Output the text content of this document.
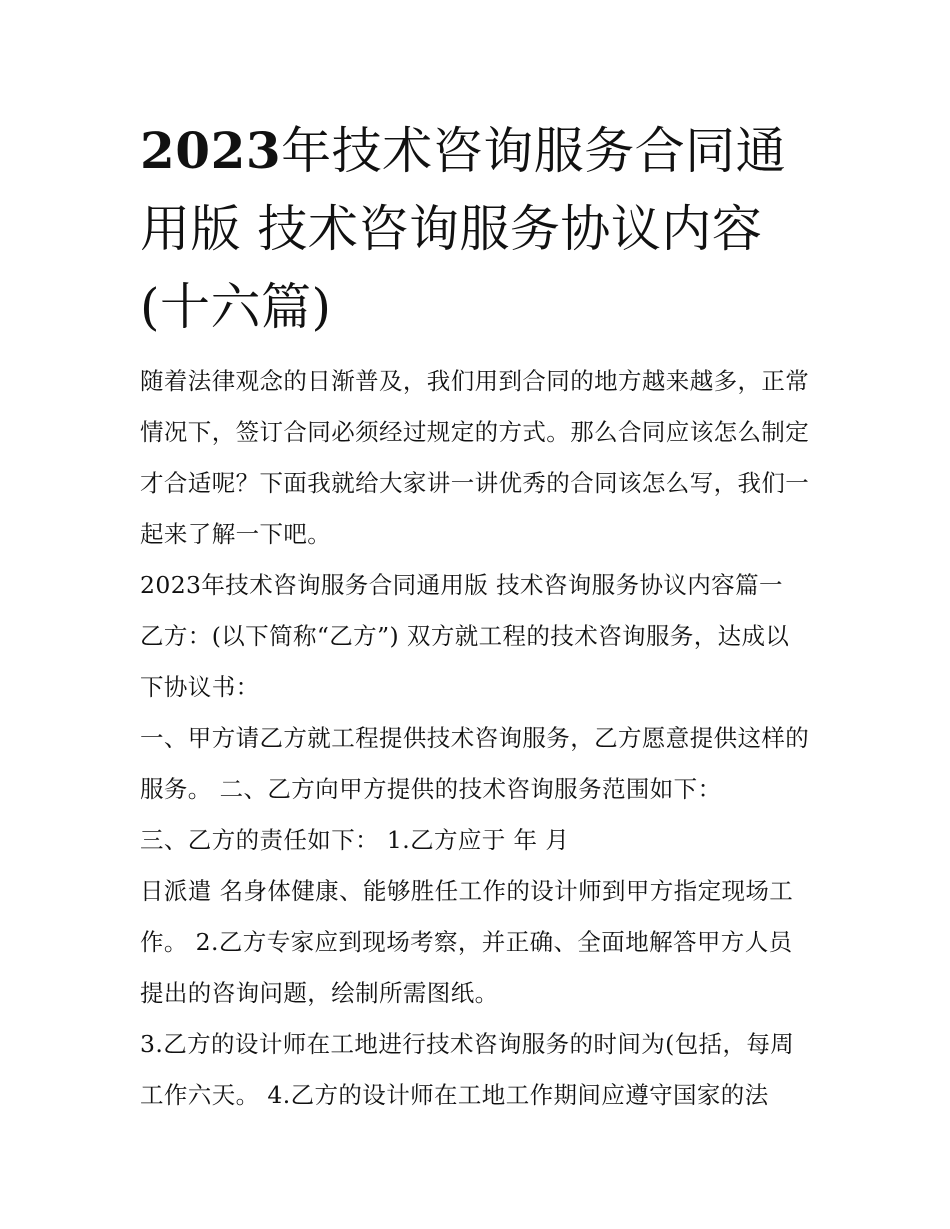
2023年技术咨询服务合同通用版 技术咨询服务协议内容(十六篇)

随着法律观念的日渐普及，我们用到合同的地方越来越多，正常情况下，签订合同必须经过规定的方式。那么合同应该怎么制定才合适呢？下面我就给大家讲一讲优秀的合同该怎么写，我们一起来了解一下吧。

2023年技术咨询服务合同通用版 技术咨询服务协议内容篇一

乙方：(以下简称“乙方”) 双方就工程的技术咨询服务，达成以下协议书：

一、甲方请乙方就工程提供技术咨询服务，乙方愿意提供这样的服务。 二、乙方向甲方提供的技术咨询服务范围如下：

三、乙方的责任如下： 1.乙方应于 年 月

日派遣 名身体健康、能够胜任工作的设计师到甲方指定现场工作。 2.乙方专家应到现场考察，并正确、全面地解答甲方人员提出的咨询问题，绘制所需图纸。

3.乙方的设计师在工地进行技术咨询服务的时间为(包括，每周工作六天。 4.乙方的设计师在工地工作期间应遵守国家的法
